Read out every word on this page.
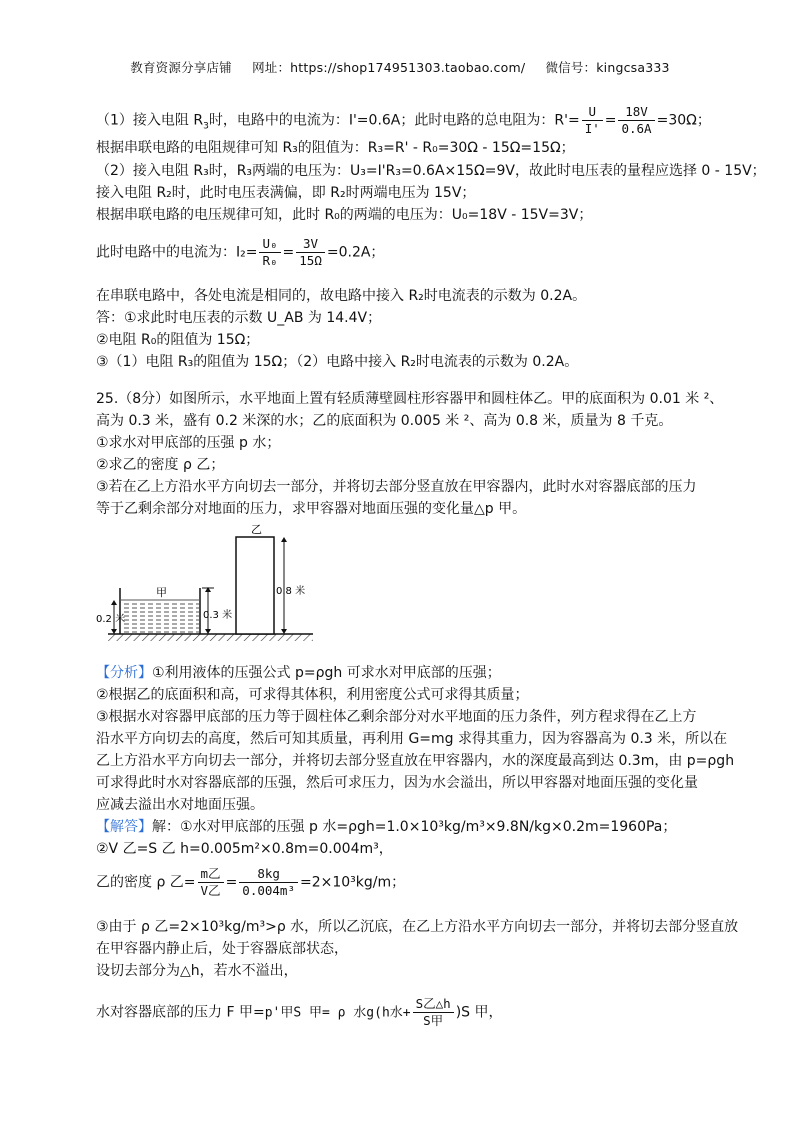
教育资源分享店铺 网址：https://shop174951303.taobao.com/ 微信号：kingcsa333
（1）接入电阻 $R_3$时，电路中的电流为：I'=0.6A；此时电路的总电阻为：$R'= \frac{U}{I'} = \frac{18V}{0.6A} =30\Omega$；
根据串联电路的电阻规律可知 R₃的阻值为：R₃=R' - R₀=30Ω - 15Ω=15Ω；
（2）接入电阻 R₃时，R₃两端的电压为：U₃=I'R₃=0.6A×15Ω=9V，故此时电压表的量程应选择 0 - 15V；
接入电阻 R₂时，此时电压表满偏，即 R₂时两端电压为 15V；
根据串联电路的电压规律可知，此时 R₀的两端的电压为：U₀=18V - 15V=3V；
此时电路中的电流为：$I_2= \frac{\text{U₀}}{\text{R₀}} = \frac{3V}{15\Omega} =0.2A$；
在串联电路中，各处电流是相同的，故电路中接入 R₂时电流表的示数为 0.2A。
答：①求此时电压表的示数 U_AB 为 14.4V；
②电阻 R₀的阻值为 15Ω；
③（1）电阻 R₃的阻值为 15Ω；（2）电路中接入 R₂时电流表的示数为 0.2A。
25.（8分）如图所示，水平地面上置有轻质薄壁圆柱形容器甲和圆柱体乙。甲的底面积为 0.01 米 ²、
高为 0.3 米，盛有 0.2 米深的水；乙的底面积为 0.005 米 ²、高为 0.8 米，质量为 8 千克。
①求水对甲底部的压强 p 水；
②求乙的密度 ρ 乙；
③若在乙上方沿水平方向切去一部分，并将切去部分竖直放在甲容器内，此时水对容器底部的压力
等于乙剩余部分对地面的压力，求甲容器对地面压强的变化量△p 甲。
乙
甲	0.8 米
0.3 米
0.2 米
【分析】①利用液体的压强公式 p=ρgh 可求水对甲底部的压强；
②根据乙的底面积和高，可求得其体积，利用密度公式可求得其质量；
③根据水对容器甲底部的压力等于圆柱体乙剩余部分对水平地面的压力条件，列方程求得在乙上方
沿水平方向切去的高度，然后可知其质量，再利用 G=mg 求得其重力，因为容器高为 0.3 米，所以在
乙上方沿水平方向切去一部分，并将切去部分竖直放在甲容器内，水的深度最高到达 0.3m，由 p=ρgh
可求得此时水对容器底部的压强，然后可求压力，因为水会溢出，所以甲容器对地面压强的变化量
应减去溢出水对地面压强。
【解答】解：①水对甲底部的压强 p 水=ρgh=1.0×10³kg/m³×9.8N/kg×0.2m=1960Pa；
②V 乙=S 乙 h=0.005m²×0.8m=0.004m³，
乙的密度 ρ 乙= $\frac{\text{m乙}}{\text{V乙}} = \frac{8kg}{\text{0.004m³}} =2\times 10^3kg/m$；
③由于 ρ 乙=2×10³kg/m³>ρ 水，所以乙沉底，在乙上方沿水平方向切去一部分，并将切去部分竖直放
在甲容器内静止后，处于容器底部状态，
设切去部分为△h，若水不溢出，
水对容器底部的压力 F 甲=p'甲S 甲= ρ 水g(h水+ $\frac{\text{S乙△h}}{\text{S甲}} )S$ 甲，
